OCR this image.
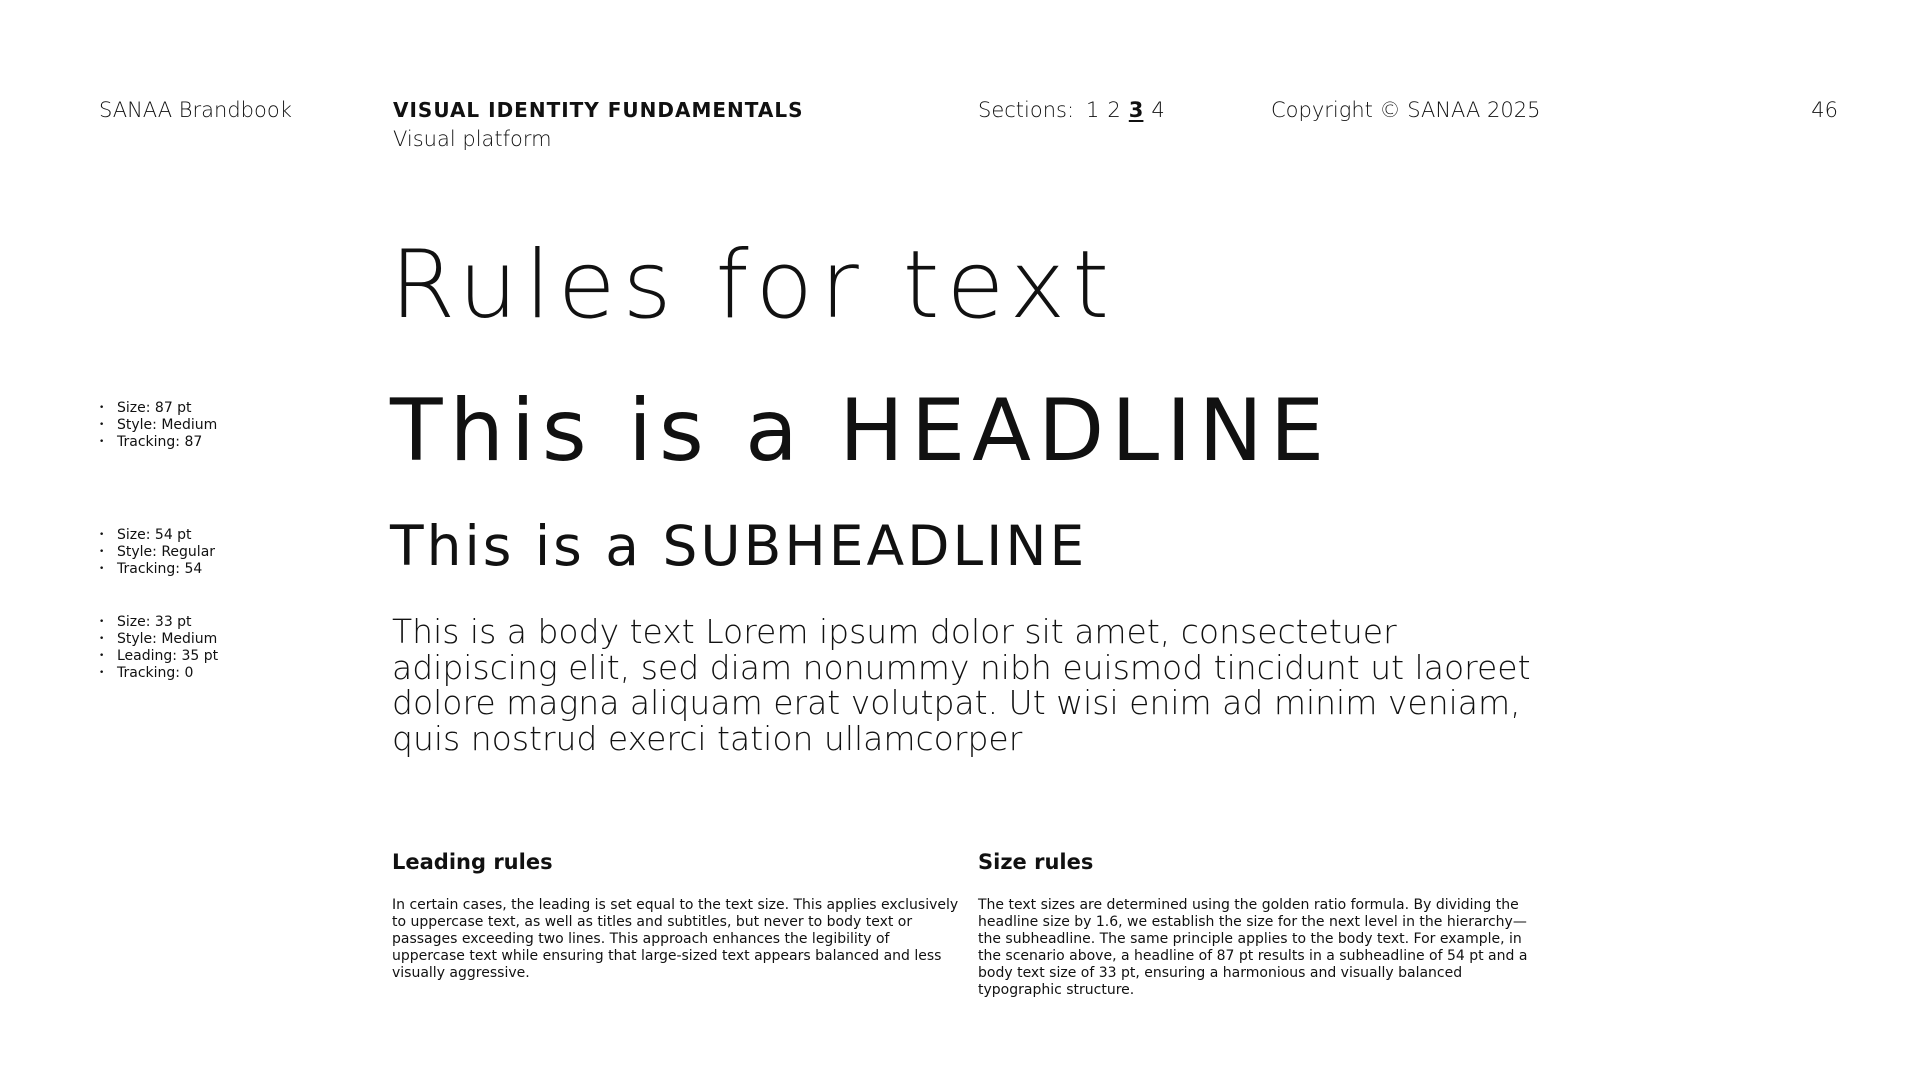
SANAA Brandbook	VISUAL IDENTITY FUNDAMENTALS
Visual platform
Sections: 1 2 3 4	Copyright © SANAA 2025	46
• Size: 87 pt
• Style: Medium
• Tracking: 87
• Size: 54 pt
• Style: Regular
• Tracking: 54
• Size: 33 pt
• Style: Medium
• Leading: 35 pt
• Tracking: 0
Rules for text
This is a HEADLINE
This is a SUBHEADLINE
This is a body text Lorem ipsum dolor sit amet, consectetuer adipiscing elit, sed diam nonummy nibh euismod tincidunt ut laoreet dolore magna aliquam erat volutpat. Ut wisi enim ad minim veniam, quis nostrud exerci tation ullamcorper
Leading rules

In certain cases, the leading is set equal to the text size. This applies exclusively to uppercase text, as well as titles and subtitles, but never to body text or passages exceeding two lines. This approach enhances the legibility of uppercase text while ensuring that large-sized text appears balanced and less visually aggressive.

Size rules

The text sizes are determined using the golden ratio formula. By dividing the headline size by 1.6, we establish the size for the next level in the hierarchy—the subheadline. The same principle applies to the body text. For example, in the scenario above, a headline of 87 pt results in a subheadline of 54 pt and a body text size of 33 pt, ensuring a harmonious and visually balanced typographic structure.
